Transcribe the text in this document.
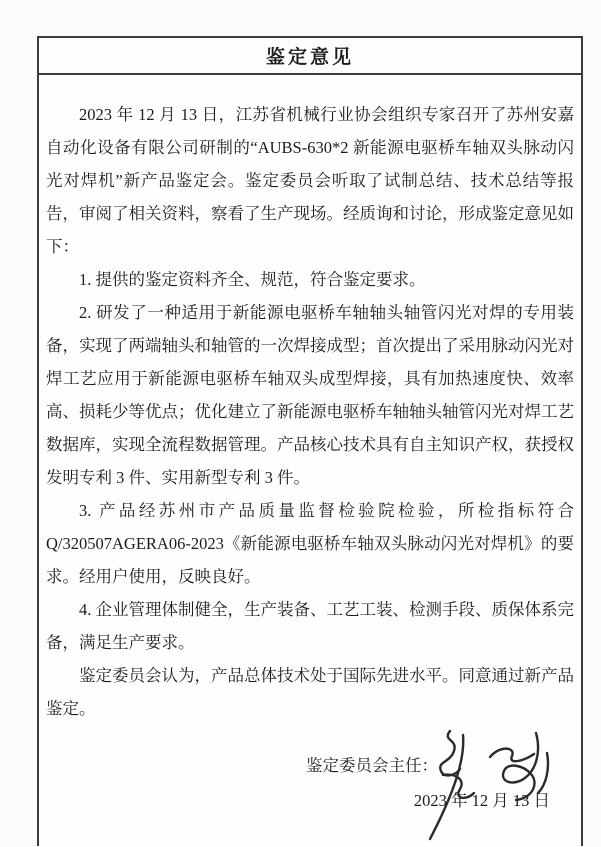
鉴定意见

2023 年 12 月 13 日，江苏省机械行业协会组织专家召开了苏州安嘉自动化设备有限公司研制的“AUBS-630*2 新能源电驱桥车轴双头脉动闪光对焊机”新产品鉴定会。鉴定委员会听取了试制总结、技术总结等报告，审阅了相关资料，察看了生产现场。经质询和讨论，形成鉴定意见如下：

1. 提供的鉴定资料齐全、规范，符合鉴定要求。

2. 研发了一种适用于新能源电驱桥车轴轴头轴管闪光对焊的专用装备，实现了两端轴头和轴管的一次焊接成型；首次提出了采用脉动闪光对焊工艺应用于新能源电驱桥车轴双头成型焊接，具有加热速度快、效率高、损耗少等优点；优化建立了新能源电驱桥车轴轴头轴管闪光对焊工艺数据库，实现全流程数据管理。产品核心技术具有自主知识产权，获授权发明专利 3 件、实用新型专利 3 件。

3. 产品经苏州市产品质量监督检验院检验，所检指标符合 Q/320507AGERA06-2023《新能源电驱桥车轴双头脉动闪光对焊机》的要求。经用户使用，反映良好。

4. 企业管理体制健全，生产装备、工艺工装、检测手段、质保体系完备，满足生产要求。

鉴定委员会认为，产品总体技术处于国际先进水平。同意通过新产品鉴定。

鉴定委员会主任：
2023 年 12 月 13 日
